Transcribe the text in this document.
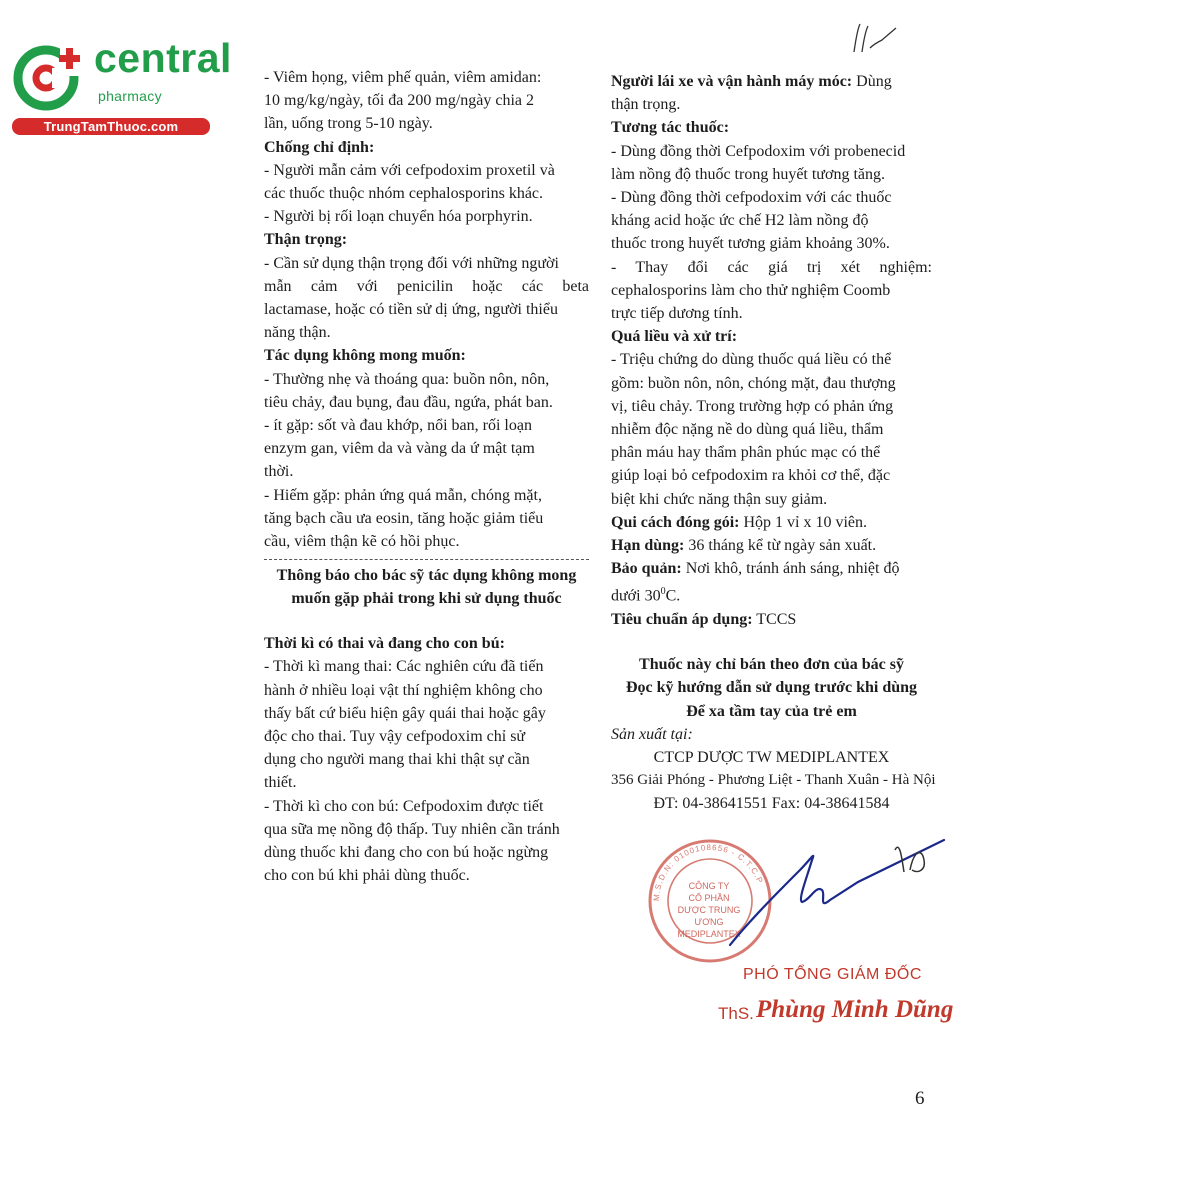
central
pharmacy
TrungTamThuoc.com

- Viêm họng, viêm phế quản, viêm amidan:

10 mg/kg/ngày, tối đa 200 mg/ngày chia 2

lần, uống trong 5-10 ngày.

Chống chỉ định:

- Người mẫn cảm với cefpodoxim proxetil và

các thuốc thuộc nhóm cephalosporins khác.

- Người bị rối loạn chuyển hóa porphyrin.

Thận trọng:

- Cần sử dụng thận trọng đối với những người

mẫn cảm với penicilin hoặc các beta

lactamase, hoặc có tiền sử dị ứng, người thiểu

năng thận.

Tác dụng không mong muốn:

- Thường nhẹ và thoáng qua: buồn nôn, nôn,

tiêu chảy, đau bụng, đau đầu, ngứa, phát ban.

- ít gặp: sốt và đau khớp, nổi ban, rối loạn

enzym gan, viêm da và vàng da ứ mật tạm

thời.

- Hiếm gặp: phản ứng quá mẫn, chóng mặt,

tăng bạch cầu ưa eosin, tăng hoặc giảm tiểu

cầu, viêm thận kẽ có hồi phục.

Thông báo cho bác sỹ tác dụng không mong

muốn gặp phải trong khi sử dụng thuốc

Thời kì có thai và đang cho con bú:

- Thời kì mang thai: Các nghiên cứu đã tiến

hành ở nhiều loại vật thí nghiệm không cho

thấy bất cứ biểu hiện gây quái thai hoặc gây

độc cho thai. Tuy vậy cefpodoxim chỉ sử

dụng cho người mang thai khi thật sự cần

thiết.

- Thời kì cho con bú: Cefpodoxim được tiết

qua sữa mẹ nồng độ thấp. Tuy nhiên cần tránh

dùng thuốc khi đang cho con bú hoặc ngừng

cho con bú khi phải dùng thuốc.

Người lái xe và vận hành máy móc: Dùng

thận trọng.

Tương tác thuốc:

- Dùng đồng thời Cefpodoxim với probenecid

làm nồng độ thuốc trong huyết tương tăng.

- Dùng đồng thời cefpodoxim với các thuốc

kháng acid hoặc ức chế H2 làm nồng độ

thuốc trong huyết tương giảm khoảng 30%.

- Thay đổi các giá trị xét nghiệm:

cephalosporins làm cho thử nghiệm Coomb

trực tiếp dương tính.

Quá liều và xử trí:

- Triệu chứng do dùng thuốc quá liều có thể

gồm: buồn nôn, nôn, chóng mặt, đau thượng

vị, tiêu chảy. Trong trường hợp có phản ứng

nhiễm độc nặng nề do dùng quá liều, thẩm

phân máu hay thẩm phân phúc mạc có thể

giúp loại bỏ cefpodoxim ra khỏi cơ thể, đặc

biệt khi chức năng thận suy giảm.

Qui cách đóng gói: Hộp 1 vỉ x 10 viên.

Hạn dùng: 36 tháng kể từ ngày sản xuất.

Bảo quản: Nơi khô, tránh ánh sáng, nhiệt độ

dưới $30^0C$.

Tiêu chuẩn áp dụng: TCCS

Thuốc này chỉ bán theo đơn của bác sỹ

Đọc kỹ hướng dẫn sử dụng trước khi dùng

Để xa tầm tay của trẻ em

Sản xuất tại:

CTCP DƯỢC TW MEDIPLANTEX

356 Giải Phóng - Phương Liệt - Thanh Xuân - Hà Nội

ĐT: 04-38641551 Fax: 04-38641584

M.S.D.N: 0100108656 - C.T.C.P
CÔNG TY
CỔ PHẦN
DƯỢC TRUNG ƯƠNG
MEDIPLANTEX
PHÓ TỔNG GIÁM ĐỐC
ThS. Phùng Minh Dũng
6
